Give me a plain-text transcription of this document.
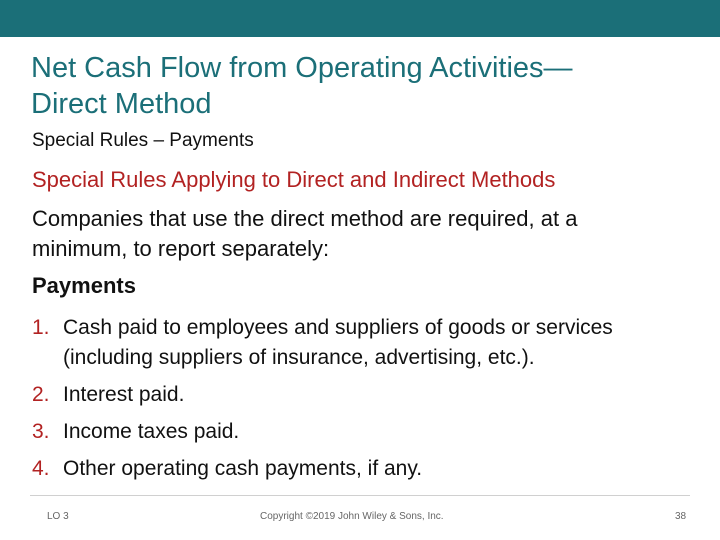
Net Cash Flow from Operating Activities—
Direct Method
Special Rules – Payments
Special Rules Applying to Direct and Indirect Methods
Companies that use the direct method are required, at a
minimum, to report separately:
Payments
1. Cash paid to employees and suppliers of goods or services
(including suppliers of insurance, advertising, etc.).
2. Interest paid.
3. Income taxes paid.
4. Other operating cash payments, if any.
LO 3	Copyright ©2019 John Wiley & Sons, Inc.	38
